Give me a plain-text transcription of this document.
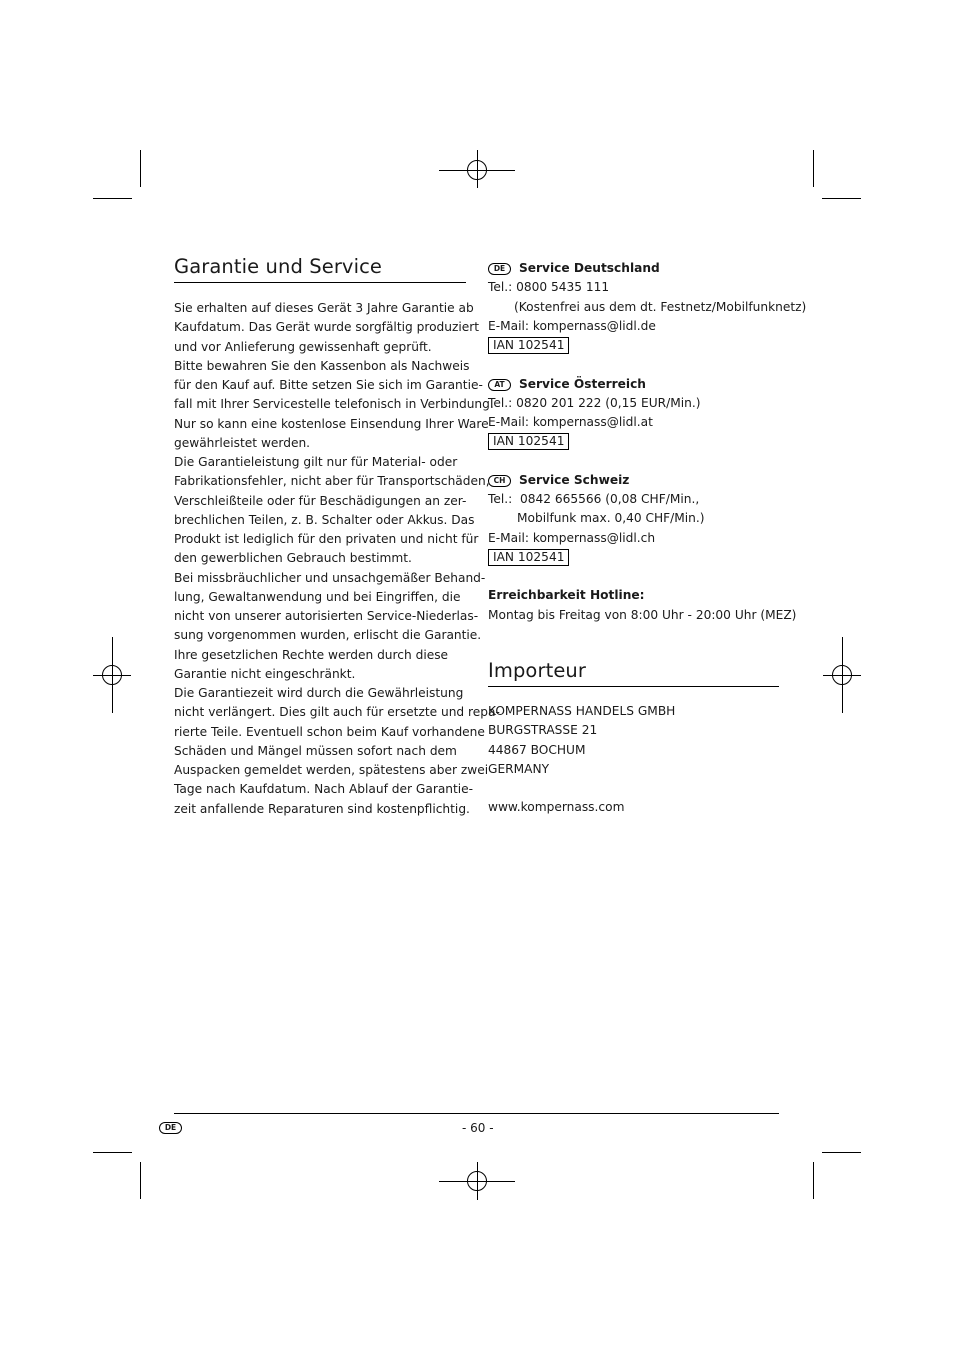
Garantie und Service
Sie erhalten auf dieses Gerät 3 Jahre Garantie ab
Kaufdatum. Das Gerät wurde sorgfältig produziert
und vor Anlieferung gewissenhaft geprüft.
Bitte bewahren Sie den Kassenbon als Nachweis
für den Kauf auf. Bitte setzen Sie sich im Garantie-
fall mit Ihrer Servicestelle telefonisch in Verbindung.
Nur so kann eine kostenlose Einsendung Ihrer Ware
gewährleistet werden.
Die Garantieleistung gilt nur für Material- oder
Fabrikationsfehler, nicht aber für Transportschäden,
Verschleißteile oder für Beschädigungen an zer-
brechlichen Teilen, z. B. Schalter oder Akkus. Das
Produkt ist lediglich für den privaten und nicht für
den gewerblichen Gebrauch bestimmt.
Bei missbräuchlicher und unsachgemäßer Behand-
lung, Gewaltanwendung und bei Eingriffen, die
nicht von unserer autorisierten Service-Niederlas-
sung vorgenommen wurden, erlischt die Garantie.
Ihre gesetzlichen Rechte werden durch diese
Garantie nicht eingeschränkt.
Die Garantiezeit wird durch die Gewährleistung
nicht verlängert. Dies gilt auch für ersetzte und repa-
rierte Teile. Eventuell schon beim Kauf vorhandene
Schäden und Mängel müssen sofort nach dem
Auspacken gemeldet werden, spätestens aber zwei
Tage nach Kaufdatum. Nach Ablauf der Garantie-
zeit anfallende Reparaturen sind kostenpflichtig.
DE Service Deutschland
Tel.: 0800 5435 111
(Kostenfrei aus dem dt. Festnetz/Mobilfunknetz)
E-Mail: kompernass@lidl.de
IAN 102541
AT Service Österreich
Tel.: 0820 201 222 (0,15 EUR/Min.)
E-Mail: kompernass@lidl.at
IAN 102541
CH Service Schweiz
Tel.:  0842 665566 (0,08 CHF/Min.,
Mobilfunk max. 0,40 CHF/Min.)
E-Mail: kompernass@lidl.ch
IAN 102541
Erreichbarkeit Hotline:
Montag bis Freitag von 8:00 Uhr - 20:00 Uhr (MEZ)
Importeur
KOMPERNASS HANDELS GMBH
BURGSTRASSE 21
44867 BOCHUM
GERMANY
www.kompernass.com
DE	- 60 -
